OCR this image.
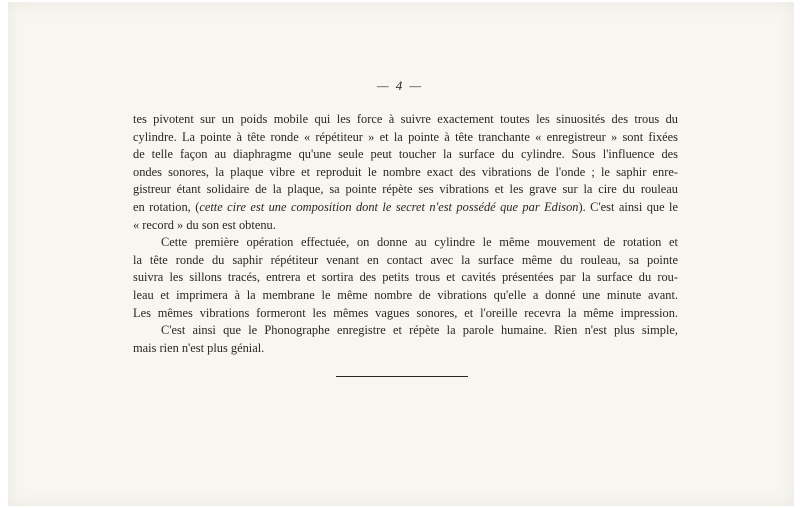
— 4 —

tes pivotent sur un poids mobile qui les force à suivre exactement toutes les sinuosités des trous du
cylindre. La pointe à tête ronde « répétiteur » et la pointe à tête tranchante « enregistreur » sont fixées
de telle façon au diaphragme qu'une seule peut toucher la surface du cylindre. Sous l'influence des
ondes sonores, la plaque vibre et reproduit le nombre exact des vibrations de l'onde ; le saphir enre-
gistreur étant solidaire de la plaque, sa pointe répète ses vibrations et les grave sur la cire du rouleau
en rotation, (cette cire est une composition dont le secret n'est possédé que par Edison). C'est ainsi que le
« record » du son est obtenu.

Cette première opération effectuée, on donne au cylindre le même mouvement de rotation et
la tête ronde du saphir répétiteur venant en contact avec la surface même du rouleau, sa pointe
suivra les sillons tracés, entrera et sortira des petits trous et cavités présentées par la surface du rou-
leau et imprimera à la membrane le même nombre de vibrations qu'elle a donné une minute avant.
Les mêmes vibrations formeront les mêmes vagues sonores, et l'oreille recevra la même impression.

C'est ainsi que le Phonographe enregistre et répète la parole humaine. Rien n'est plus simple,
mais rien n'est plus génial.
